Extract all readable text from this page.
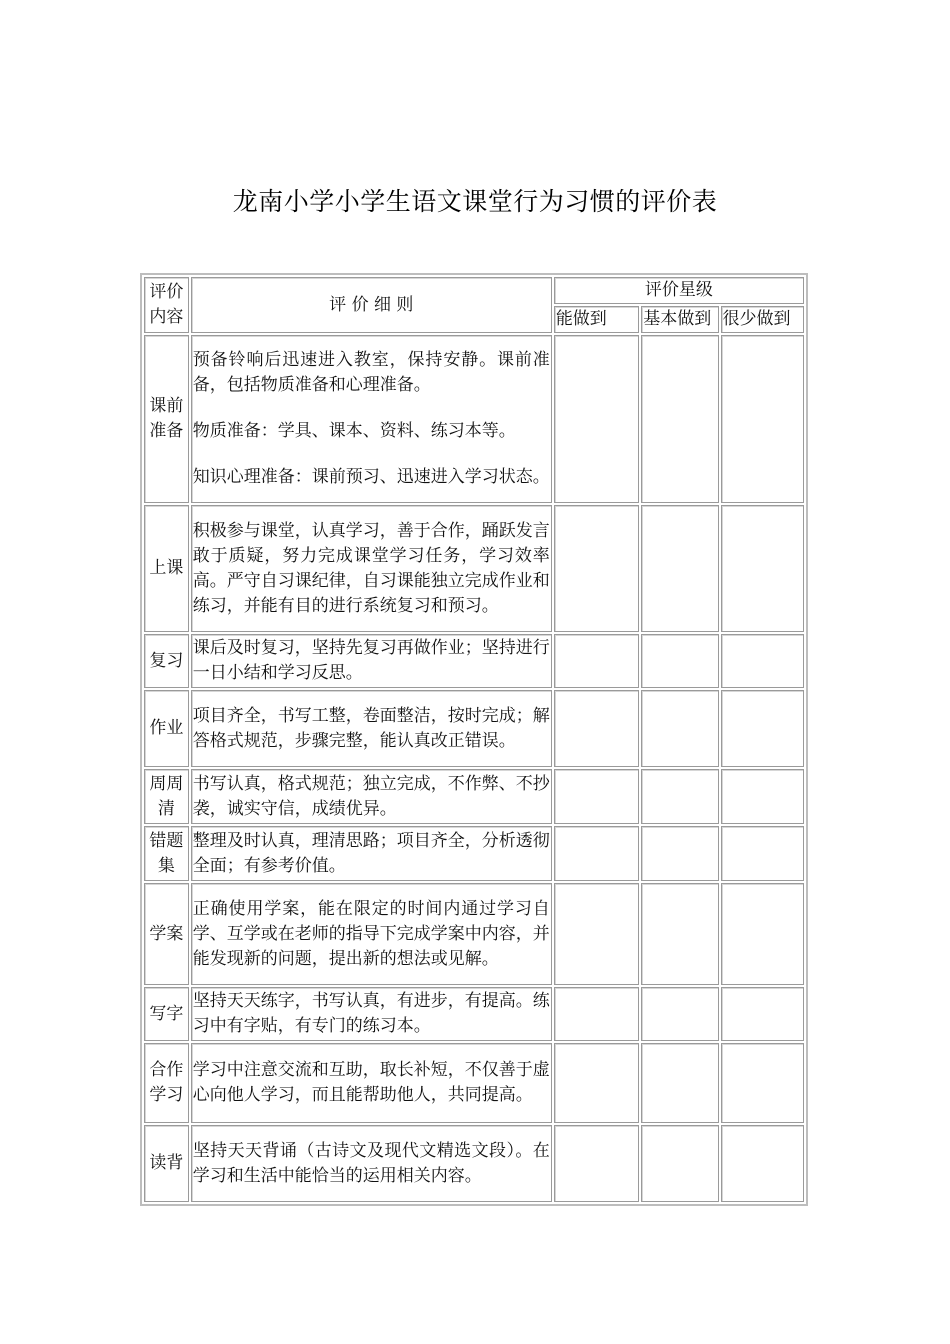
龙南小学小学生语文课堂行为习惯的评价表
评价内容	评 价 细 则	评价星级		
		能做到	基本做到	很少做到
课前准备	预备铃响后迅速进入教室，保持安静。课前准备，包括物质准备和心理准备。
物质准备：学具、课本、资料、练习本等。
知识心理准备：课前预习、迅速进入学习状态。			

上课	积极参与课堂，认真学习，善于合作，踊跃发言敢于质疑，努力完成课堂学习任务，学习效率高。严守自习课纪律，自习课能独立完成作业和练习，并能有目的进行系统复习和预习。			

复习	课后及时复习，坚持先复习再做作业；坚持进行一日小结和学习反思。			

作业	项目齐全，书写工整，卷面整洁，按时完成；解答格式规范，步骤完整，能认真改正错误。			

周周清	书写认真，格式规范；独立完成，不作弊、不抄袭，诚实守信，成绩优异。			

错题集	整理及时认真，理清思路；项目齐全，分析透彻全面；有参考价值。			

学案	正确使用学案，能在限定的时间内通过学习自学、互学或在老师的指导下完成学案中内容，并能发现新的问题，提出新的想法或见解。			

写字	坚持天天练字，书写认真，有进步，有提高。练习中有字贴，有专门的练习本。			

合作学习	学习中注意交流和互助，取长补短，不仅善于虚心向他人学习，而且能帮助他人，共同提高。			

读背	坚持天天背诵（古诗文及现代文精选文段）。在学习和生活中能恰当的运用相关内容。			
